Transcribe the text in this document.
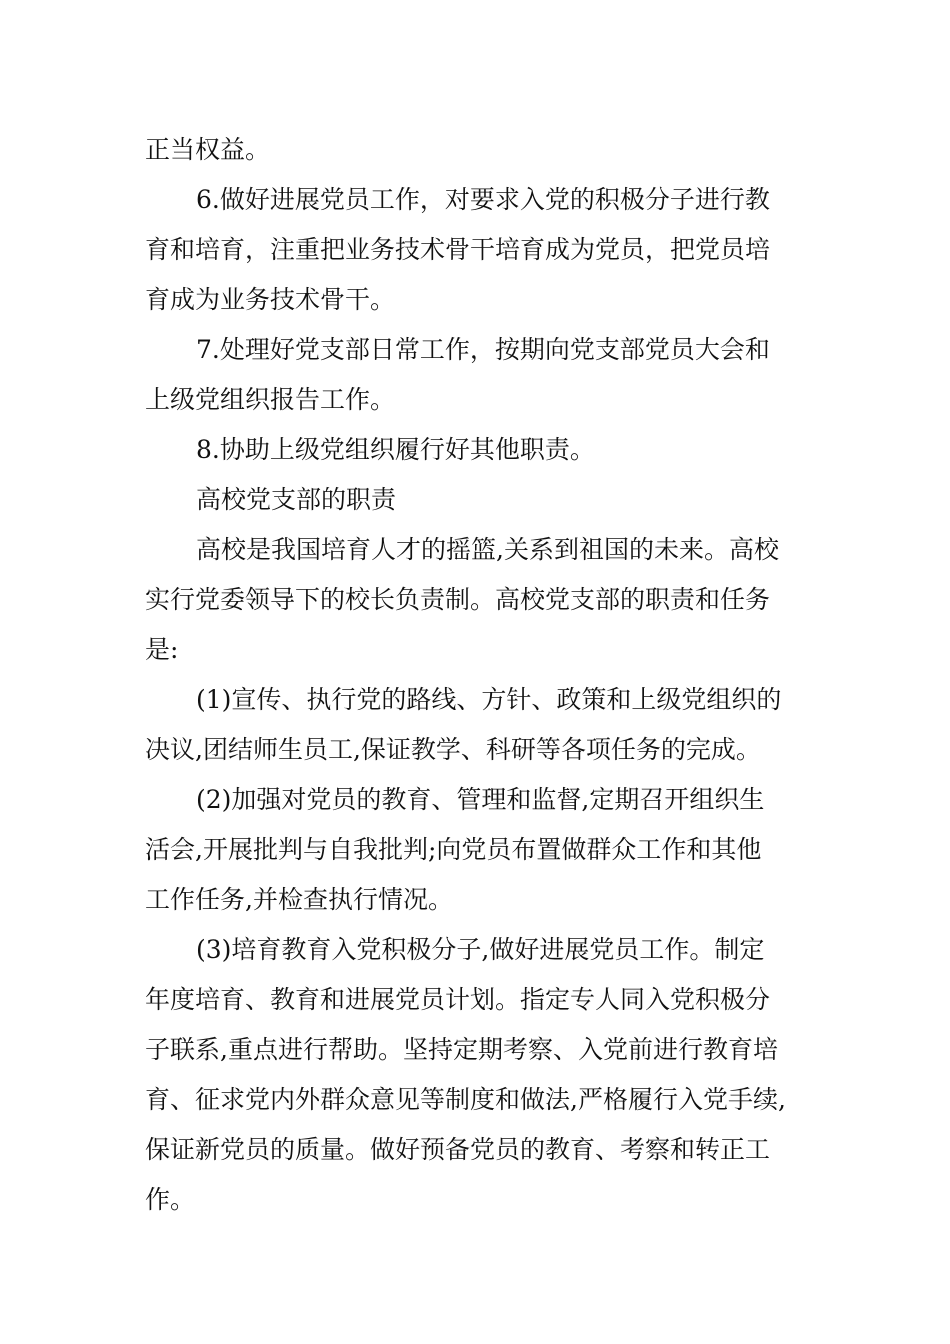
正当权益。
6.做好进展党员工作，对要求入党的积极分子进行教
育和培育，注重把业务技术骨干培育成为党员，把党员培
育成为业务技术骨干。
7.处理好党支部日常工作，按期向党支部党员大会和
上级党组织报告工作。
8.协助上级党组织履行好其他职责。
高校党支部的职责
高校是我国培育人才的摇篮,关系到祖国的未来。高校
实行党委领导下的校长负责制。高校党支部的职责和任务
是:
(1)宣传、执行党的路线、方针、政策和上级党组织的
决议,团结师生员工,保证教学、科研等各项任务的完成。
(2)加强对党员的教育、管理和监督,定期召开组织生
活会,开展批判与自我批判;向党员布置做群众工作和其他
工作任务,并检查执行情况。
(3)培育教育入党积极分子,做好进展党员工作。制定
年度培育、教育和进展党员计划。指定专人同入党积极分
子联系,重点进行帮助。坚持定期考察、入党前进行教育培
育、征求党内外群众意见等制度和做法,严格履行入党手续,
保证新党员的质量。做好预备党员的教育、考察和转正工
作。
